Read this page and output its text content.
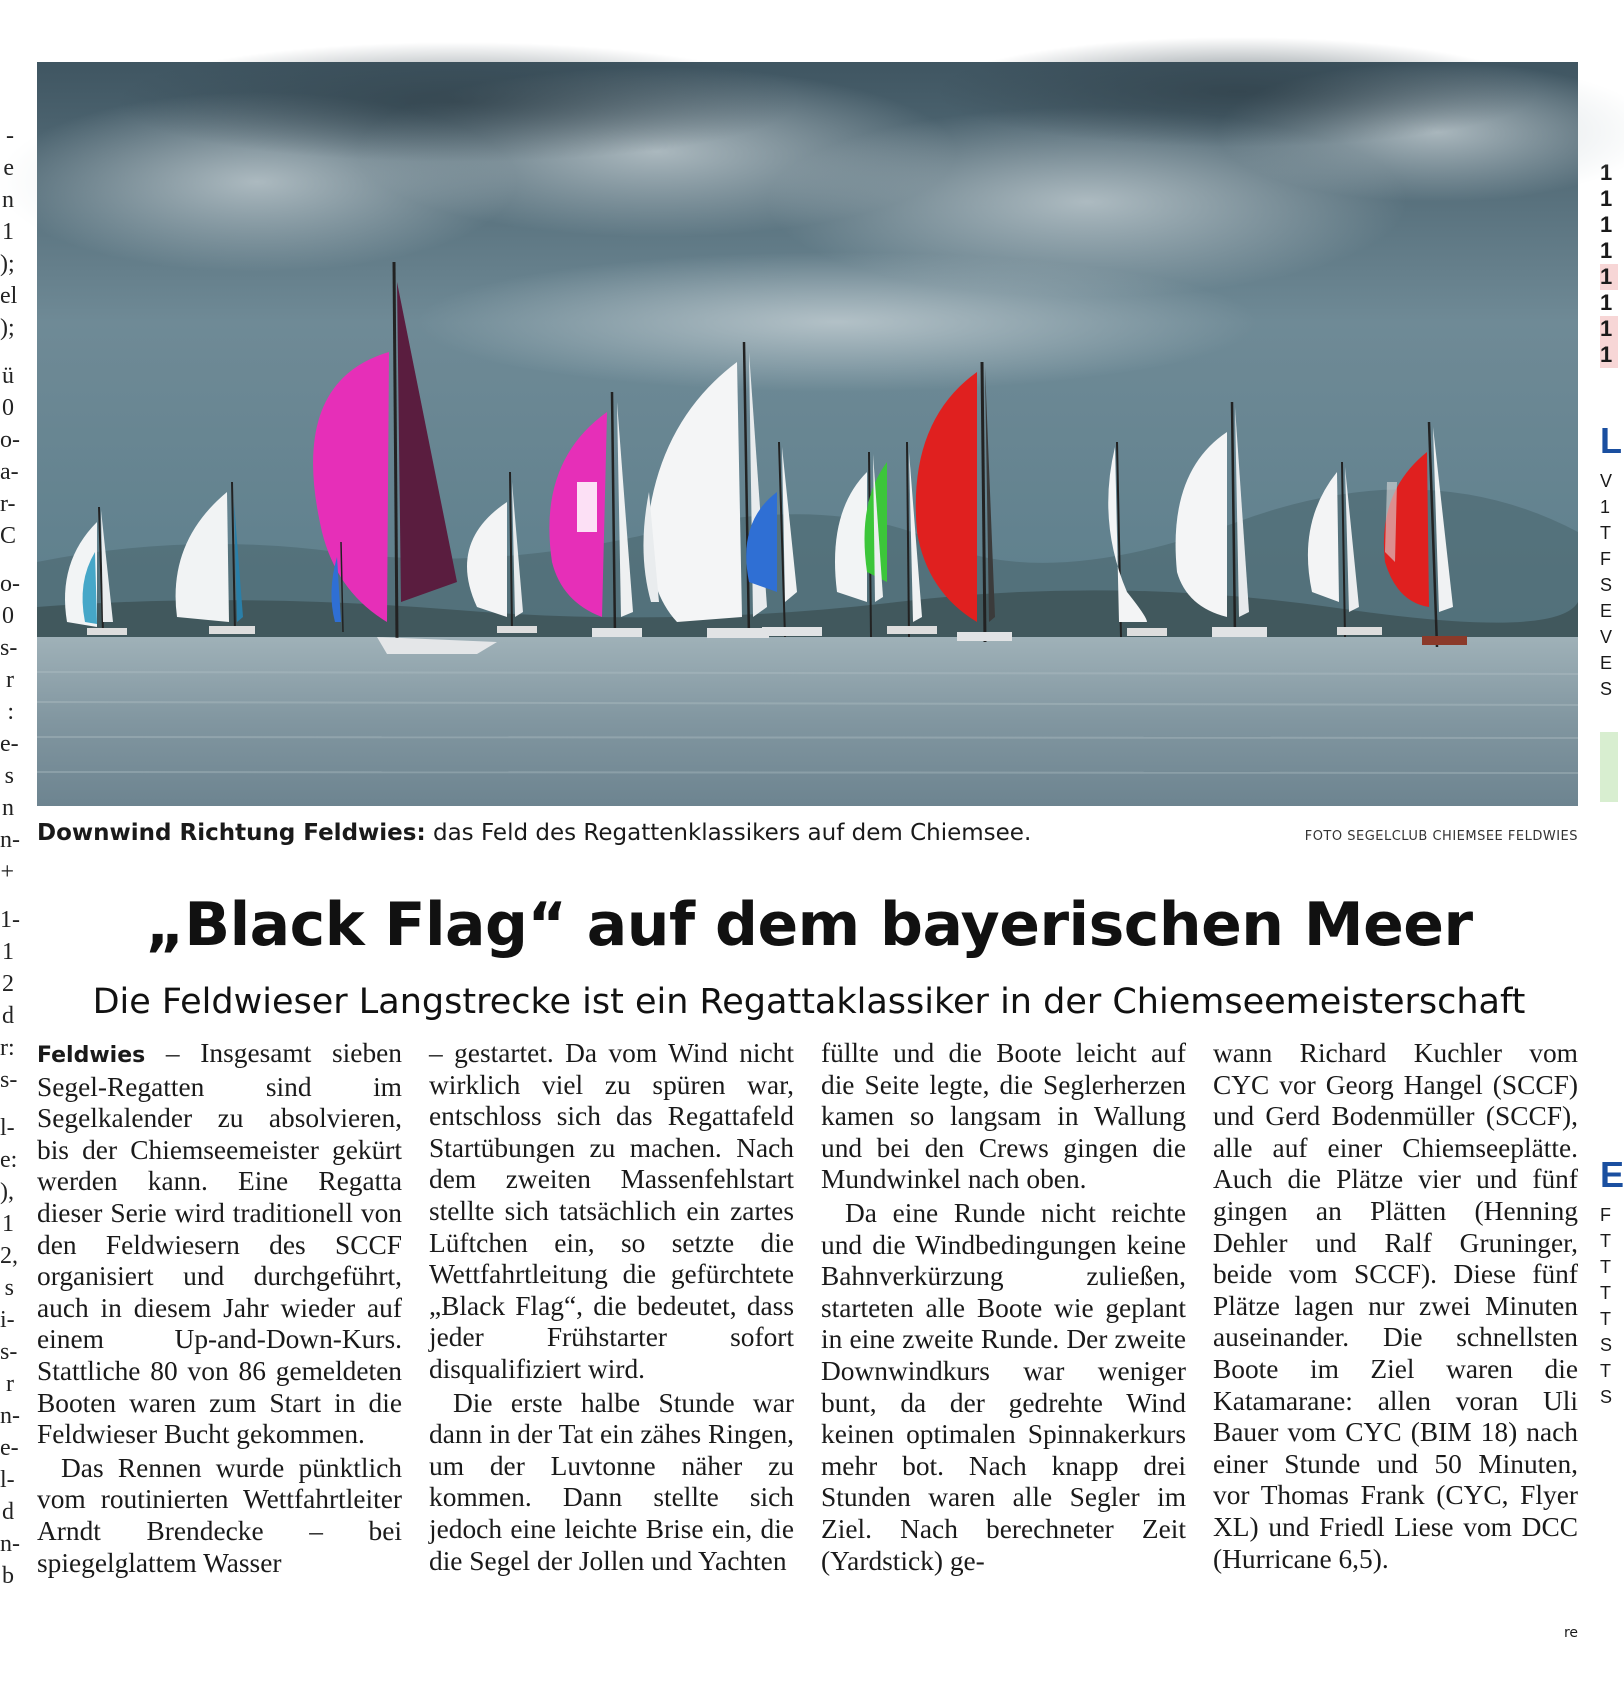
-
1
);
el
);
ü
0
o-
a-
r-
C
o-
0
s-
r
:
e-
s
n
n-
+
1-
1
2
d
r:
s-
l-
e:
),
1
2,
s
i-
s-
r
n-
e-
l-
d
n-
b
1
1
1
1
1
1
1
L
V
1
T
F
S
E
V
E
S
E
F
T
T
T
T
S
T
S
Downwind Richtung Feldwies: das Feld des Regattenklassikers auf dem Chiemsee.	FOTO SEGELCLUB CHIEMSEE FELDWIES
„Black Flag“ auf dem bayerischen Meer
Die Feldwieser Langstrecke ist ein Regattaklassiker in der Chiemseemeisterschaft

Feldwies – Insgesamt sieben Segel-Regatten sind im Segelkalender zu absolvieren, bis der Chiemseemeister gekürt werden kann. Eine Regatta dieser Serie wird traditionell von den Feldwiesern des SCCF organisiert und durchgeführt, auch in diesem Jahr wieder auf einem Up-and-Down-Kurs. Stattliche 80 von 86 gemeldeten Booten waren zum Start in die Feldwieser Bucht gekommen.

Das Rennen wurde pünktlich vom routinierten Wettfahrtleiter Arndt Brendecke – bei spiegelglattem Wasser

– gestartet. Da vom Wind nicht wirklich viel zu spüren war, entschloss sich das Regattafeld Startübungen zu machen. Nach dem zweiten Massenfehlstart stellte sich tatsächlich ein zartes Lüftchen ein, so setzte die Wettfahrtleitung die gefürchtete „Black Flag“, die bedeutet, dass jeder Frühstarter sofort disqualifiziert wird.

Die erste halbe Stunde war dann in der Tat ein zähes Ringen, um der Luvtonne näher zu kommen. Dann stellte sich jedoch eine leichte Brise ein, die die Segel der Jollen und Yachten

füllte und die Boote leicht auf die Seite legte, die Seglerherzen kamen so langsam in Wallung und bei den Crews gingen die Mundwinkel nach oben.

Da eine Runde nicht reichte und die Windbedingungen keine Bahnverkürzung zuließen, starteten alle Boote wie geplant in eine zweite Runde. Der zweite Downwindkurs war weniger bunt, da der gedrehte Wind keinen optimalen Spinnakerkurs mehr bot. Nach knapp drei Stunden waren alle Segler im Ziel. Nach berechneter Zeit (Yardstick) ge-

wann Richard Kuchler vom CYC vor Georg Hangel (SCCF) und Gerd Bodenmüller (SCCF), alle auf einer Chiemseeplätte. Auch die Plätze vier und fünf gingen an Plätten (Henning Dehler und Ralf Gruninger, beide vom SCCF). Diese fünf Plätze lagen nur zwei Minuten auseinander. Die schnellsten Boote im Ziel waren die Katamarane: allen voran Uli Bauer vom CYC (BIM 18) nach einer Stunde und 50 Minuten, vor Thomas Frank (CYC, Flyer XL) und Friedl Liese vom DCC (Hurricane 6,5).

re
